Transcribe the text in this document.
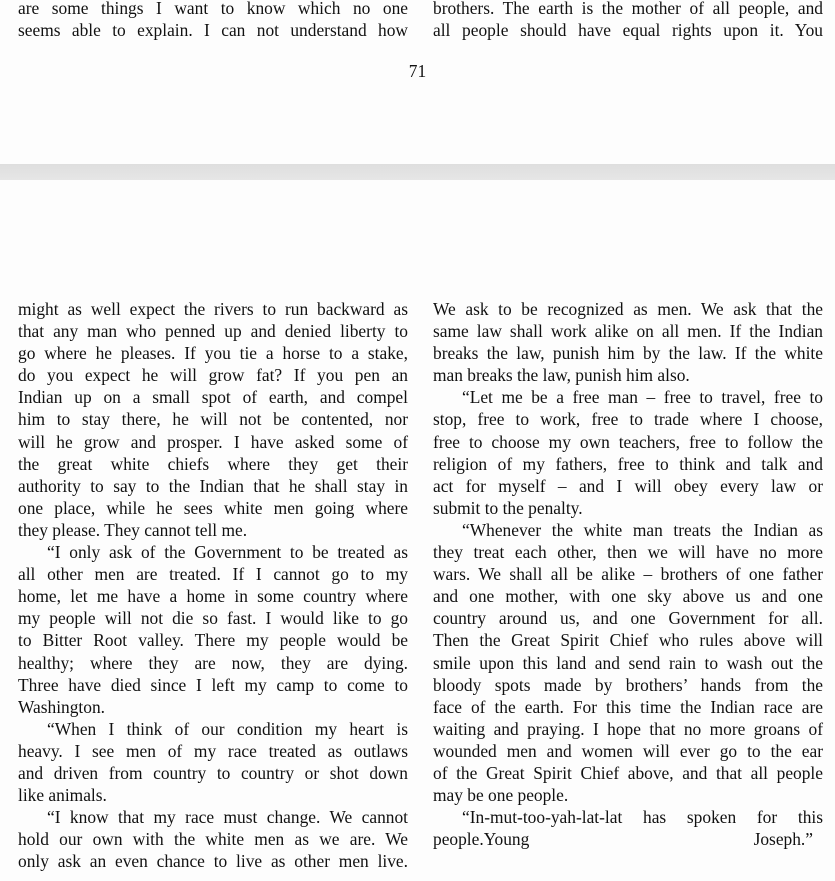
are some things I want to know which no one
seems able to explain. I can not understand how
brothers. The earth is the mother of all people, and
all people should have equal rights upon it. You
71
might as well expect the rivers to run backward as
that any man who penned up and denied liberty to
go where he pleases. If you tie a horse to a stake,
do you expect he will grow fat? If you pen an
Indian up on a small spot of earth, and compel
him to stay there, he will not be contented, nor
will he grow and prosper. I have asked some of
the great white chiefs where they get their
authority to say to the Indian that he shall stay in
one place, while he sees white men going where
they please. They cannot tell me.
“I only ask of the Government to be treated as
all other men are treated. If I cannot go to my
home, let me have a home in some country where
my people will not die so fast. I would like to go
to Bitter Root valley. There my people would be
healthy; where they are now, they are dying.
Three have died since I left my camp to come to
Washington.
“When I think of our condition my heart is
heavy. I see men of my race treated as outlaws
and driven from country to country or shot down
like animals.
“I know that my race must change. We cannot
hold our own with the white men as we are. We
only ask an even chance to live as other men live.
We ask to be recognized as men. We ask that the
same law shall work alike on all men. If the Indian
breaks the law, punish him by the law. If the white
man breaks the law, punish him also.
“Let me be a free man – free to travel, free to
stop, free to work, free to trade where I choose,
free to choose my own teachers, free to follow the
religion of my fathers, free to think and talk and
act for myself – and I will obey every law or
submit to the penalty.
“Whenever the white man treats the Indian as
they treat each other, then we will have no more
wars. We shall all be alike – brothers of one father
and one mother, with one sky above us and one
country around us, and one Government for all.
Then the Great Spirit Chief who rules above will
smile upon this land and send rain to wash out the
bloody spots made by brothers’ hands from the
face of the earth. For this time the Indian race are
waiting and praying. I hope that no more groans of
wounded men and women will ever go to the ear
of the Great Spirit Chief above, and that all people
may be one people.
“In-mut-too-yah-lat-lat has spoken for this
people.Young Joseph.”
